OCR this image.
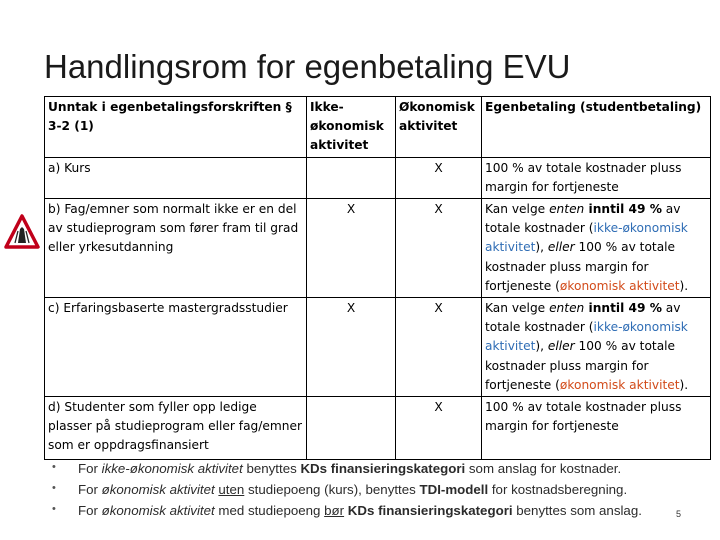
Handlingsrom for egenbetaling EVU
Unntak i egenbetalingsforskriften § 3-2 (1)	Ikke-økonomisk aktivitet	Økonomisk aktivitet	Egenbetaling (studentbetaling)
a) Kurs		X	100 % av totale kostnader pluss margin for fortjeneste
b) Fag/emner som normalt ikke er en del av studieprogram som fører fram til grad eller yrkesutdanning	X	X	Kan velge enten inntil 49 % av totale kostnader (ikke-økonomisk aktivitet), eller 100 % av totale kostnader pluss margin for fortjeneste (økonomisk aktivitet).
c) Erfaringsbaserte mastergradsstudier	X	X	Kan velge enten inntil 49 % av totale kostnader (ikke-økonomisk aktivitet), eller 100 % av totale kostnader pluss margin for fortjeneste (økonomisk aktivitet).
d) Studenter som fyller opp ledige plasser på studieprogram eller fag/emner som er oppdragsfinansiert		X	100 % av totale kostnader pluss margin for fortjeneste
• For ikke-økonomisk aktivitet benyttes KDs finansieringskategori som anslag for kostnader.
• For økonomisk aktivitet uten studiepoeng (kurs), benyttes TDI-modell for kostnadsberegning.
• For økonomisk aktivitet med studiepoeng bør KDs finansieringskategori benyttes som anslag.	5
